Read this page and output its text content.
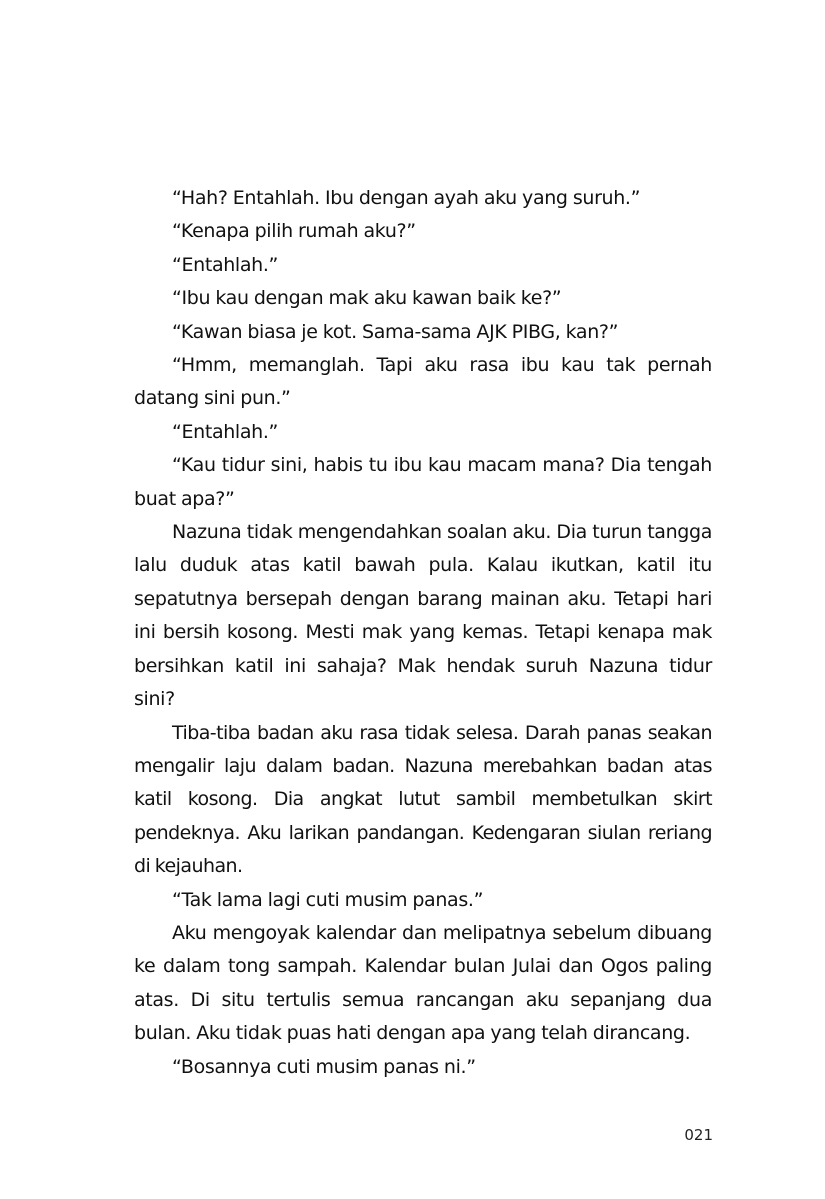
“Hah? Entahlah. Ibu dengan ayah aku yang suruh.”

“Kenapa pilih rumah aku?”

“Entahlah.”

“Ibu kau dengan mak aku kawan baik ke?”

“Kawan biasa je kot. Sama-sama AJK PIBG, kan?”

“Hmm, memanglah. Tapi aku rasa ibu kau tak pernah datang sini pun.”

“Entahlah.”

“Kau tidur sini, habis tu ibu kau macam mana? Dia tengah buat apa?”

Nazuna tidak mengendahkan soalan aku. Dia turun tangga lalu duduk atas katil bawah pula. Kalau ikutkan, katil itu sepatutnya bersepah dengan barang mainan aku. Tetapi hari ini bersih kosong. Mesti mak yang kemas. Tetapi kenapa mak bersihkan katil ini sahaja? Mak hendak suruh Nazuna tidur sini?

Tiba-tiba badan aku rasa tidak selesa. Darah panas seakan mengalir laju dalam badan. Nazuna merebahkan badan atas katil kosong. Dia angkat lutut sambil membetulkan skirt pendeknya. Aku larikan pandangan. Kedengaran siulan reriang di kejauhan.

“Tak lama lagi cuti musim panas.”

Aku mengoyak kalendar dan melipatnya sebelum dibuang ke dalam tong sampah. Kalendar bulan Julai dan Ogos paling atas. Di situ tertulis semua rancangan aku sepanjang dua bulan. Aku tidak puas hati dengan apa yang telah dirancang.

“Bosannya cuti musim panas ni.”

021
